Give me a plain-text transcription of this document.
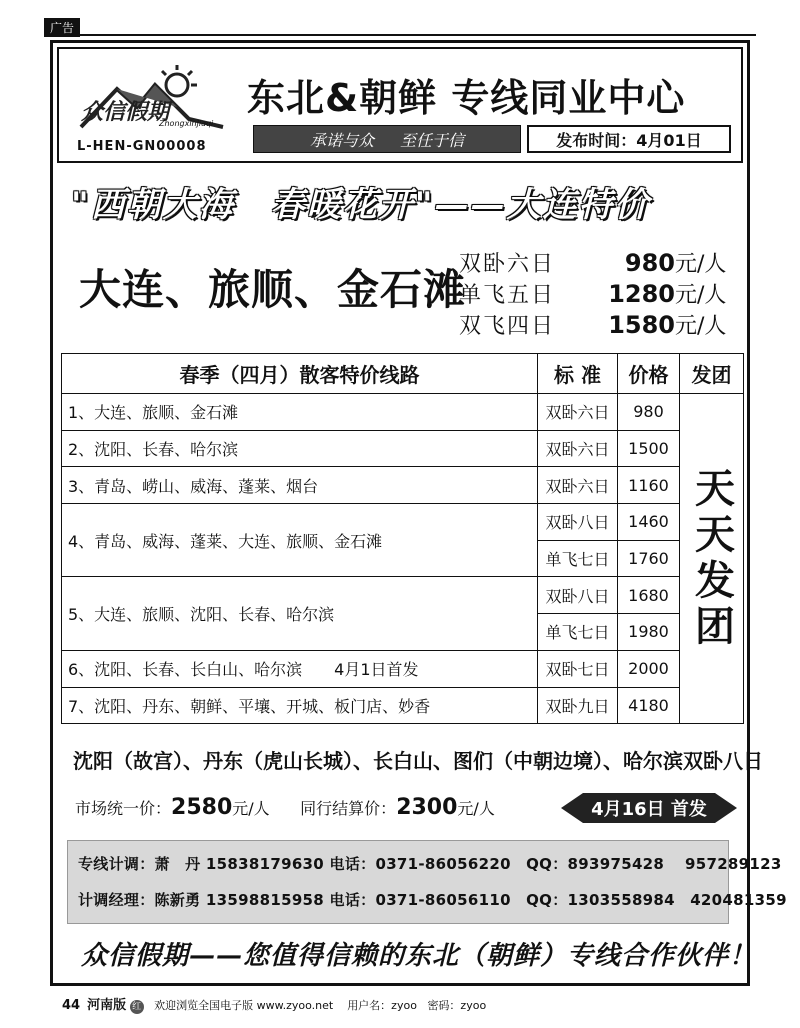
广告
众信假期
Zhongxinjiaqi
L-HEN-GN00008
东北&朝鲜 专线同业中心
承诺与众 至任于信	发布时间：4月01日
"西朝大海　春暖花开"——大连特价
大连、旅顺、金石滩
双卧六日	980 元/人
单飞五日	1280 元/人
双飞四日	1580 元/人
春季（四月）散客特价线路	标 准	价格	发团
1、大连、旅顺、金石滩	双卧六日	980	天天发团
2、沈阳、长春、哈尔滨	双卧六日	1500	
3、青岛、崂山、威海、蓬莱、烟台	双卧六日	1160	
4、青岛、威海、蓬莱、大连、旅顺、金石滩	双卧八日	1460	
	单飞七日	1760	
5、大连、旅顺、沈阳、长春、哈尔滨	双卧八日	1680	
	单飞七日	1980	
6、沈阳、长春、长白山、哈尔滨　　4月1日首发	双卧七日	2000	
7、沈阳、丹东、朝鲜、平壤、开城、板门店、妙香	双卧九日	4180	
沈阳（故宫）、丹东（虎山长城）、长白山、图们（中朝边境）、哈尔滨双卧八日
市场统一价：2580元/人 同行结算价：2300元/人	4月16日 首发
专线计调：萧　丹 15838179630 电话：0371-86056220　QQ：893975428　 957289123
计调经理：陈新勇 13598815958 电话：0371-86056110　QQ：1303558984　420481359
众信假期——您值得信赖的东北（朝鲜）专线合作伙伴！
44 河南版 红 欢迎浏览全国电子版 www.zyoo.net 用户名：zyoo 密码：zyoo
